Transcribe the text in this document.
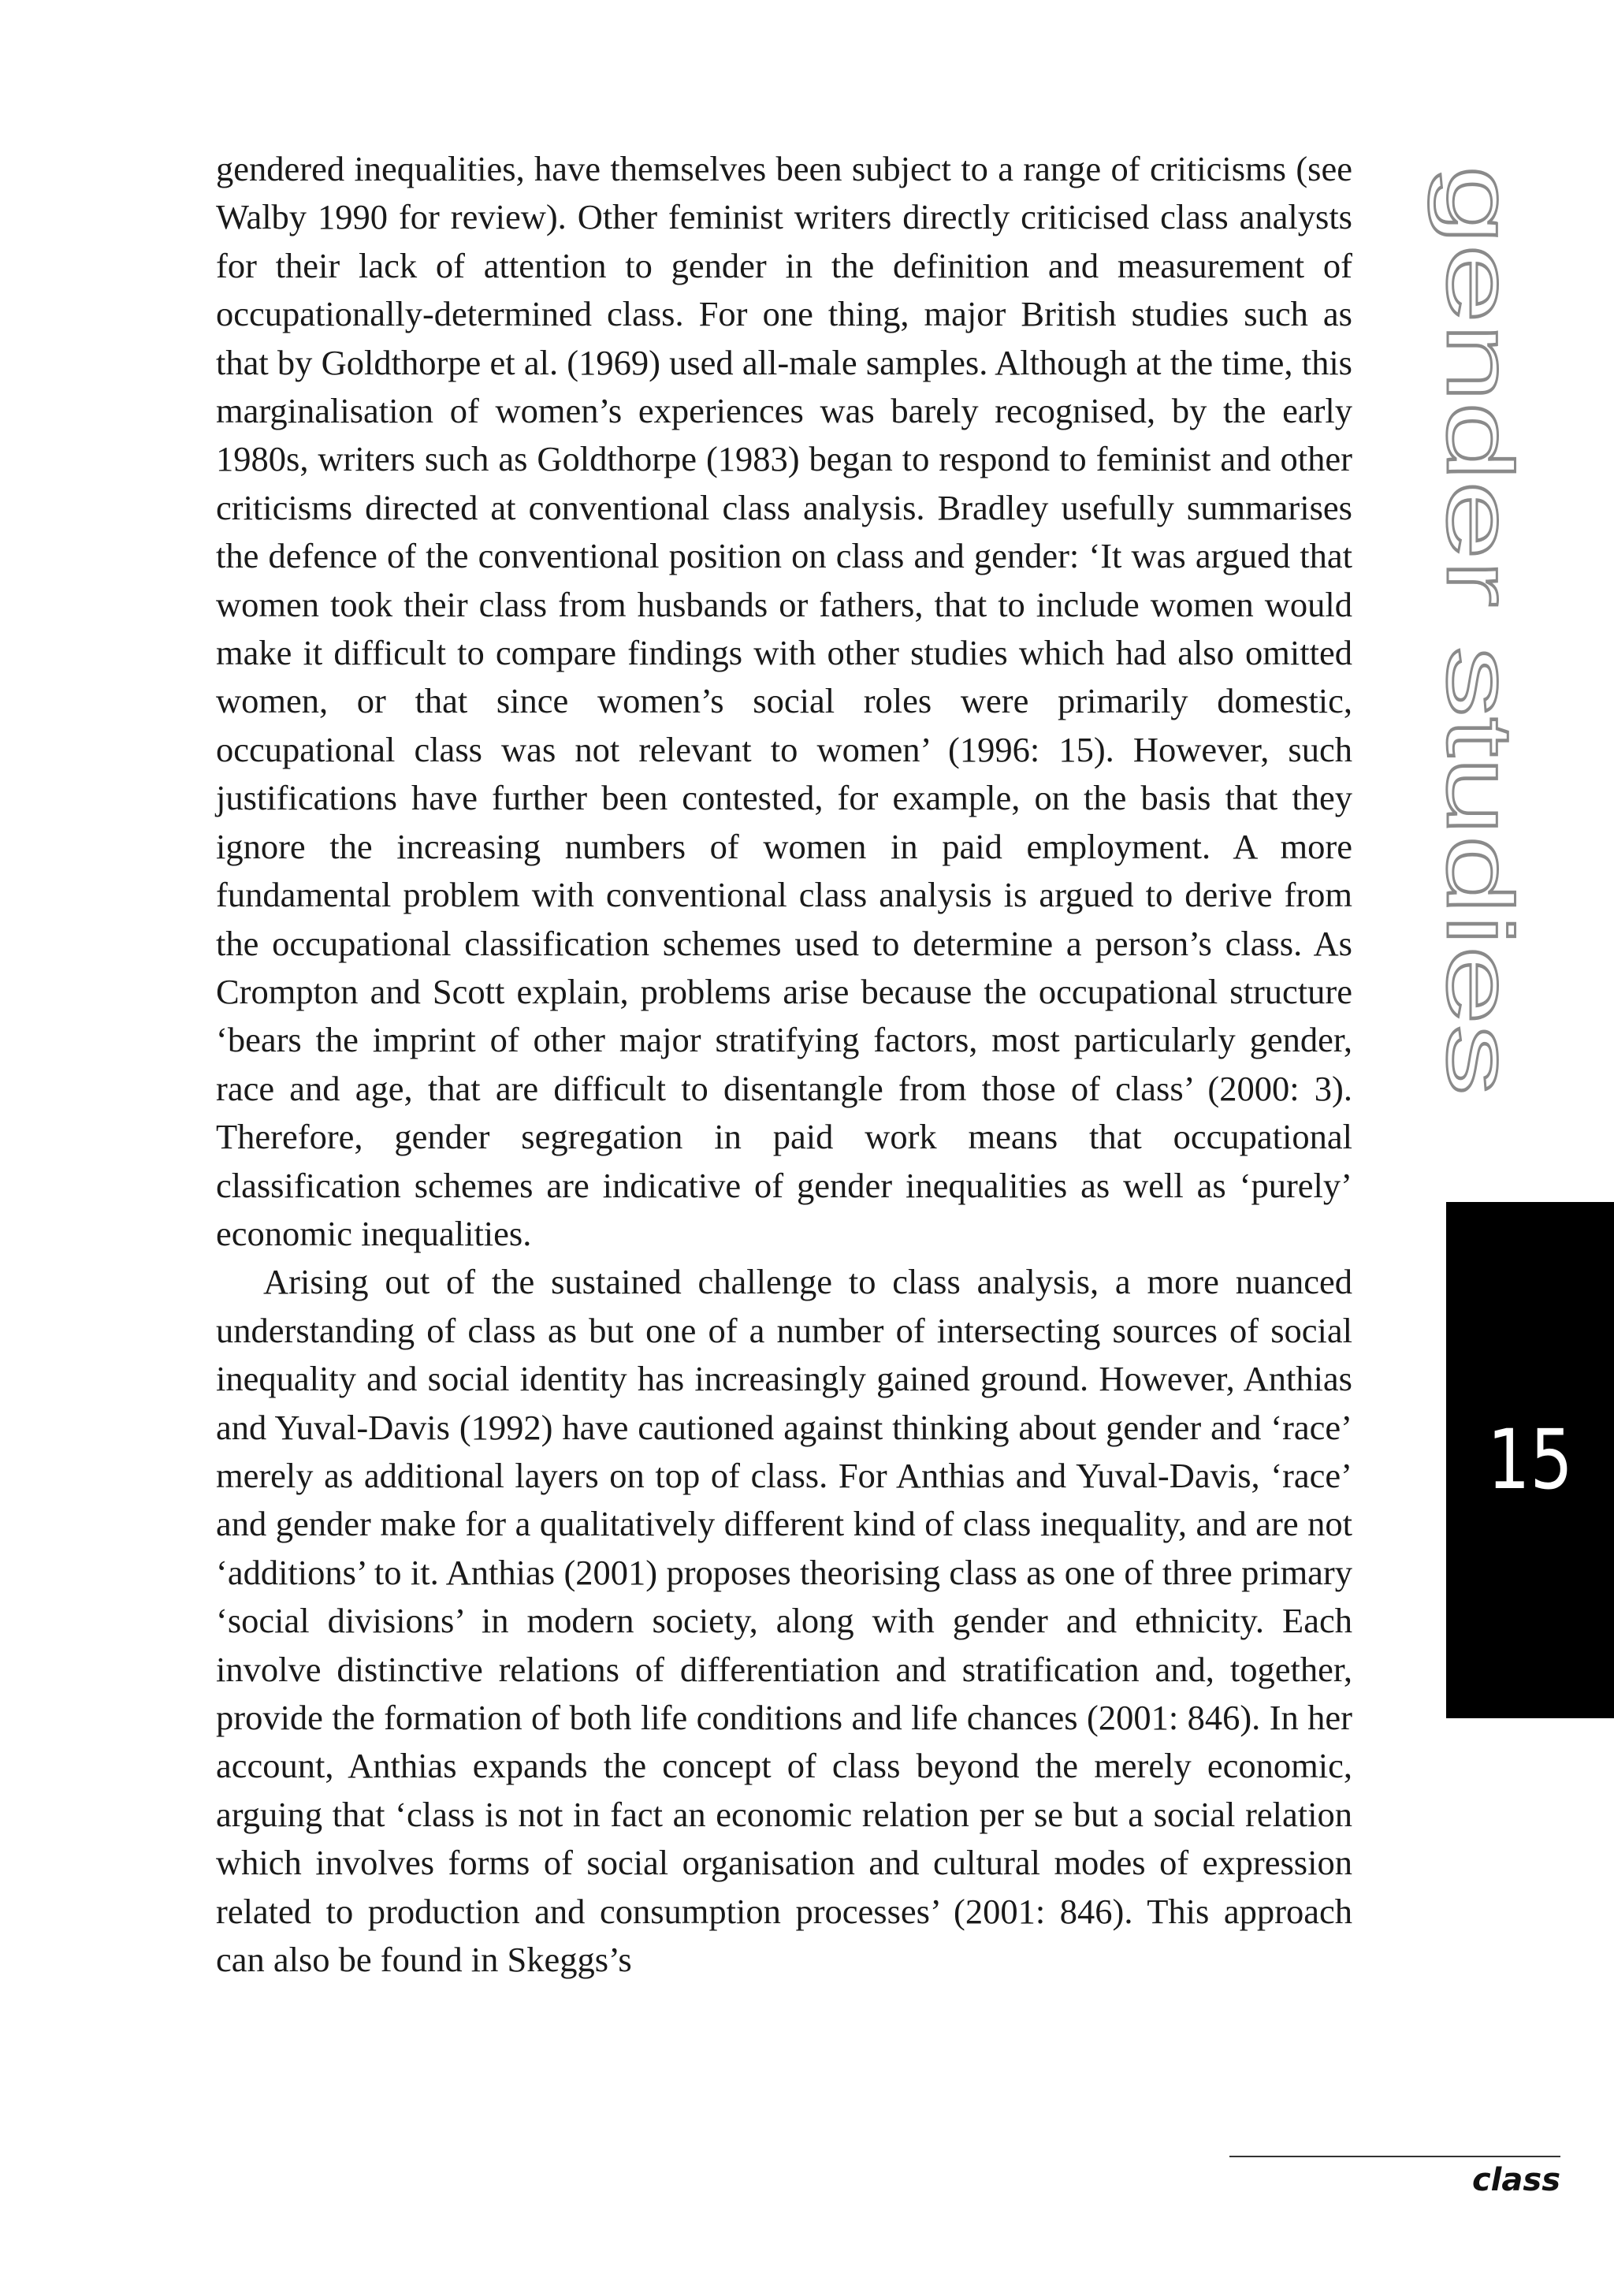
gendered inequalities, have themselves been subject to a range of criticisms (see Walby 1990 for review). Other feminist writers directly criticised class analysts for their lack of attention to gender in the definition and measurement of occupationally-determined class. For one thing, major British studies such as that by Goldthorpe et al. (1969) used all-male samples. Although at the time, this marginalisation of women’s experiences was barely recognised, by the early 1980s, writers such as Goldthorpe (1983) began to respond to feminist and other criticisms directed at conventional class analysis. Bradley usefully summarises the defence of the conventional position on class and gender: ‘It was argued that women took their class from husbands or fathers, that to include women would make it difficult to compare findings with other studies which had also omitted women, or that since women’s social roles were primarily domestic, occupational class was not relevant to women’ (1996: 15). However, such justifications have further been contested, for example, on the basis that they ignore the increasing numbers of women in paid employment. A more fundamental problem with conventional class analysis is argued to derive from the occupational classification schemes used to determine a person’s class. As Crompton and Scott explain, problems arise because the occupational structure ‘bears the imprint of other major stratifying factors, most particularly gender, race and age, that are difficult to disentangle from those of class’ (2000: 3). Therefore, gender segregation in paid work means that occupational classification schemes are indicative of gender inequalities as well as ‘purely’ economic inequalities.

Arising out of the sustained challenge to class analysis, a more nuanced understanding of class as but one of a number of intersecting sources of social inequality and social identity has increasingly gained ground. However, Anthias and Yuval-Davis (1992) have cautioned against thinking about gender and ‘race’ merely as additional layers on top of class. For Anthias and Yuval-Davis, ‘race’ and gender make for a qualitatively different kind of class inequality, and are not ‘additions’ to it. Anthias (2001) proposes theorising class as one of three primary ‘social divisions’ in modern society, along with gender and ethnicity. Each involve distinctive relations of differentiation and stratification and, together, provide the formation of both life conditions and life chances (2001: 846). In her account, Anthias expands the concept of class beyond the merely economic, arguing that ‘class is not in fact an economic relation per se but a social relation which involves forms of social organisation and cultural modes of expression related to production and consumption processes’ (2001: 846). This approach can also be found in Skeggs’s

gender studies
15
class
